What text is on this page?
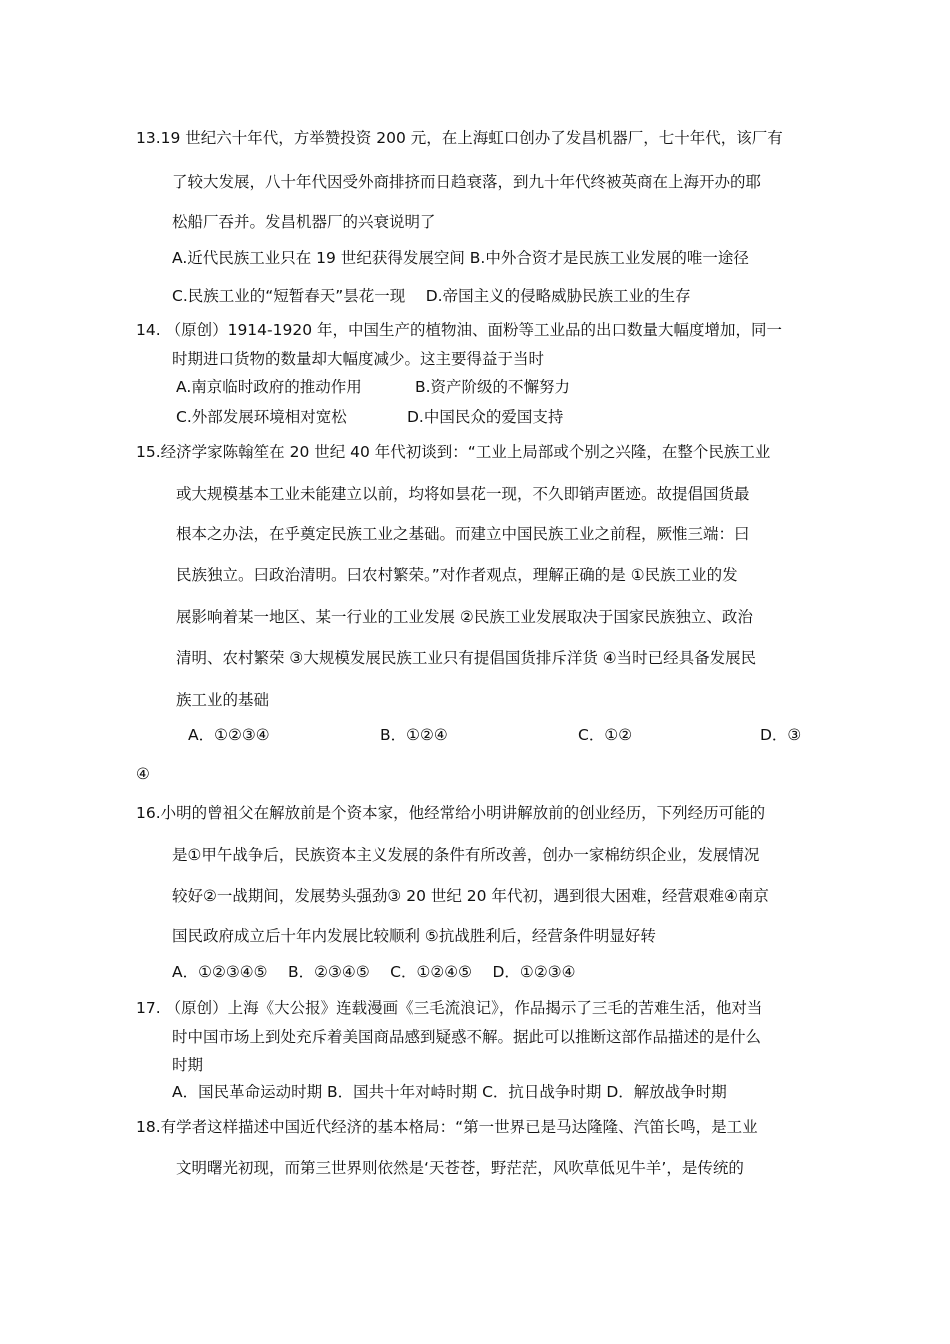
13.19 世纪六十年代，方举赞投资 200 元，在上海虹口创办了发昌机器厂，七十年代，该厂有
了较大发展，八十年代因受外商排挤而日趋衰落，到九十年代终被英商在上海开办的耶
松船厂吞并。发昌机器厂的兴衰说明了
A.近代民族工业只在 19 世纪获得发展空间 B.中外合资才是民族工业发展的唯一途径
C.民族工业的“短暂春天”昙花一现　 D.帝国主义的侵略威胁民族工业的生存
14. （原创）1914-1920 年，中国生产的植物油、面粉等工业品的出口数量大幅度增加，同一
时期进口货物的数量却大幅度减少。这主要得益于当时
A.南京临时政府的推动作用	B.资产阶级的不懈努力
C.外部发展环境相对宽松	D.中国民众的爱国支持
15.经济学家陈翰笙在 20 世纪 40 年代初谈到：“工业上局部或个别之兴隆，在整个民族工业
或大规模基本工业未能建立以前，均将如昙花一现，不久即销声匿迹。故提倡国货最
根本之办法，在乎奠定民族工业之基础。而建立中国民族工业之前程，厥惟三端：曰
民族独立。曰政治清明。曰农村繁荣。”对作者观点，理解正确的是 ①民族工业的发
展影响着某一地区、某一行业的工业发展 ②民族工业发展取决于国家民族独立、政治
清明、农村繁荣 ③大规模发展民族工业只有提倡国货排斥洋货 ④当时已经具备发展民
族工业的基础
A．①②③④	B．①②④	C．①②	D．③
④
16.小明的曾祖父在解放前是个资本家，他经常给小明讲解放前的创业经历，下列经历可能的
是①甲午战争后，民族资本主义发展的条件有所改善，创办一家棉纺织企业，发展情况
较好②一战期间，发展势头强劲③ 20 世纪 20 年代初，遇到很大困难，经营艰难④南京
国民政府成立后十年内发展比较顺利 ⑤抗战胜利后，经营条件明显好转
A．①②③④⑤　 B．②③④⑤　 C．①②④⑤　 D．①②③④
17. （原创）上海《大公报》连载漫画《三毛流浪记》，作品揭示了三毛的苦难生活，他对当
时中国市场上到处充斥着美国商品感到疑惑不解。据此可以推断这部作品描述的是什么
时期
A．国民革命运动时期 B．国共十年对峙时期 C．抗日战争时期 D．解放战争时期
18.有学者这样描述中国近代经济的基本格局：“第一世界已是马达隆隆、汽笛长鸣，是工业
文明曙光初现，而第三世界则依然是‘天苍苍，野茫茫，风吹草低见牛羊’，是传统的
